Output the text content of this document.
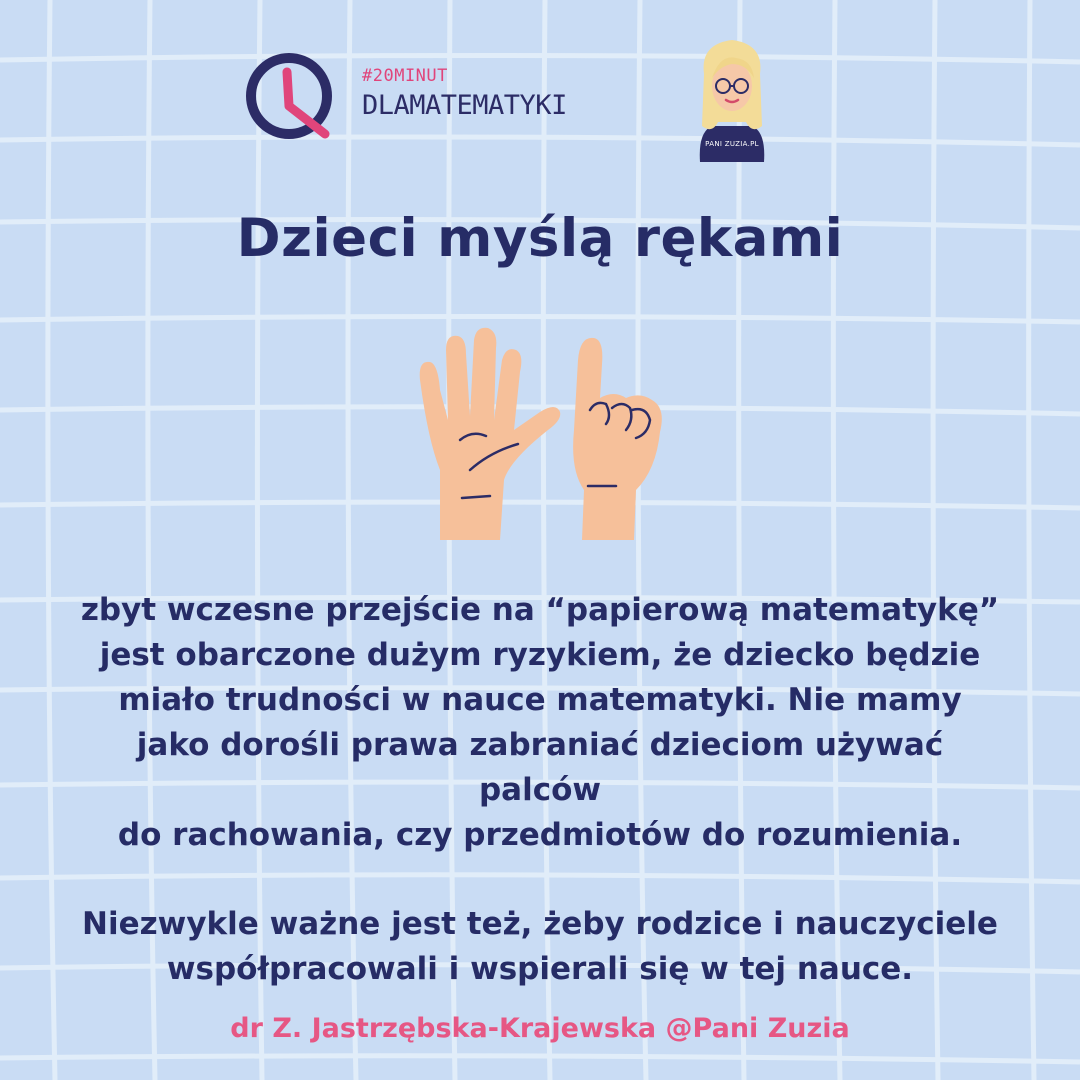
#20MINUT
DLAMATEMATYKI
PANI ZUZIA.PL
Dzieci myślą rękami

zbyt wczesne przejście na “papierową matematykę”

jest obarczone dużym ryzykiem, że dziecko będzie

miało trudności w nauce matematyki. Nie mamy

jako dorośli prawa zabraniać dzieciom używać

palców

do rachowania, czy przedmiotów do rozumienia.

Niezwykle ważne jest też, żeby rodzice i nauczyciele

współpracowali i wspierali się w tej nauce.

dr Z. Jastrzębska-Krajewska @Pani Zuzia
